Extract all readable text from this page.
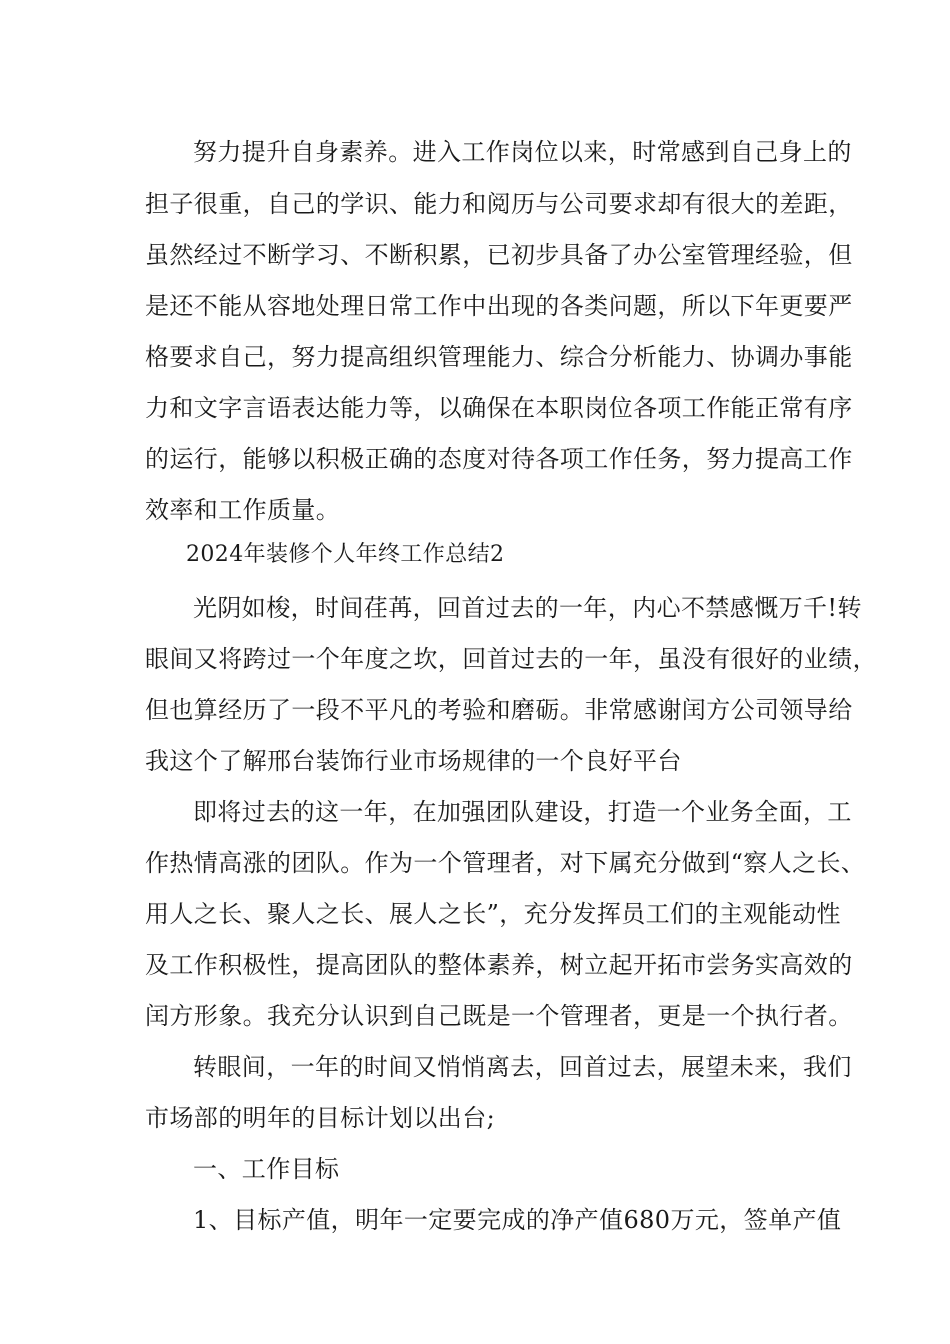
努力提升自身素养。进入工作岗位以来，时常感到自己身上的
担子很重，自己的学识、能力和阅历与公司要求却有很大的差距，
虽然经过不断学习、不断积累，已初步具备了办公室管理经验，但
是还不能从容地处理日常工作中出现的各类问题，所以下年更要严
格要求自己，努力提高组织管理能力、综合分析能力、协调办事能
力和文字言语表达能力等，以确保在本职岗位各项工作能正常有序
的运行，能够以积极正确的态度对待各项工作任务，努力提高工作
效率和工作质量。
2024年装修个人年终工作总结2
光阴如梭，时间荏苒，回首过去的一年，内心不禁感慨万千!转
眼间又将跨过一个年度之坎，回首过去的一年，虽没有很好的业绩，
但也算经历了一段不平凡的考验和磨砺。非常感谢闰方公司领导给
我这个了解邢台装饰行业市场规律的一个良好平台
即将过去的这一年，在加强团队建设，打造一个业务全面，工
作热情高涨的团队。作为一个管理者，对下属充分做到“察人之长、
用人之长、聚人之长、展人之长”，充分发挥员工们的主观能动性
及工作积极性，提高团队的整体素养，树立起开拓市尝务实高效的
闰方形象。我充分认识到自己既是一个管理者，更是一个执行者。
转眼间，一年的时间又悄悄离去，回首过去，展望未来，我们
市场部的明年的目标计划以出台;
一、工作目标
1、目标产值，明年一定要完成的净产值680万元，签单产值
